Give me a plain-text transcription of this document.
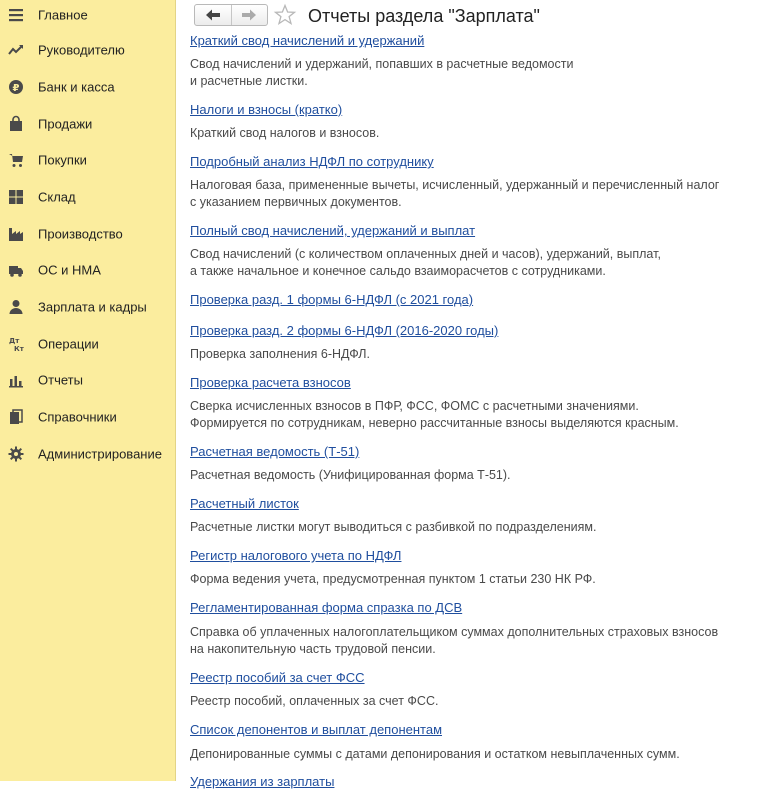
Главное
Руководителю
₽ Банк и касса
Продажи
Покупки
Склад
Производство
ОС и НМА
Зарплата и кадры
Дт
Кт Операции
Отчеты
Справочники
Администрирование
Отчеты раздела "Зарплата"
Краткий свод начислений и удержаний
Свод начислений и удержаний, попавших в расчетные ведомости
и расчетные листки.
Налоги и взносы (кратко)
Краткий свод налогов и взносов.
Подробный анализ НДФЛ по сотруднику
Налоговая база, примененные вычеты, исчисленный, удержанный и перечисленный налог
с указанием первичных документов.
Полный свод начислений, удержаний и выплат
Свод начислений (с количеством оплаченных дней и часов), удержаний, выплат,
а также начальное и конечное сальдо взаиморасчетов с сотрудниками.
Проверка разд. 1 формы 6-НДФЛ (с 2021 года)
Проверка разд. 2 формы 6-НДФЛ (2016-2020 годы)
Проверка заполнения 6-НДФЛ.
Проверка расчета взносов
Сверка исчисленных взносов в ПФР, ФСС, ФОМС с расчетными значениями.
Формируется по сотрудникам, неверно рассчитанные взносы выделяются красным.
Расчетная ведомость (Т-51)
Расчетная ведомость (Унифицированная форма Т-51).
Расчетный листок
Расчетные листки могут выводиться с разбивкой по подразделениям.
Регистр налогового учета по НДФЛ
Форма ведения учета, предусмотренная пунктом 1 статьи 230 НК РФ.
Регламентированная форма спразка по ДСВ
Справка об уплаченных налогоплательщиком суммах дополнительных страховых взносов
на накопительную часть трудовой пенсии.
Реестр пособий за счет ФСС
Реестр пособий, оплаченных за счет ФСС.
Список депонентов и выплат депонентам
Депонированные суммы с датами депонирования и остатком невыплаченных сумм.
Удержания из зарплаты
